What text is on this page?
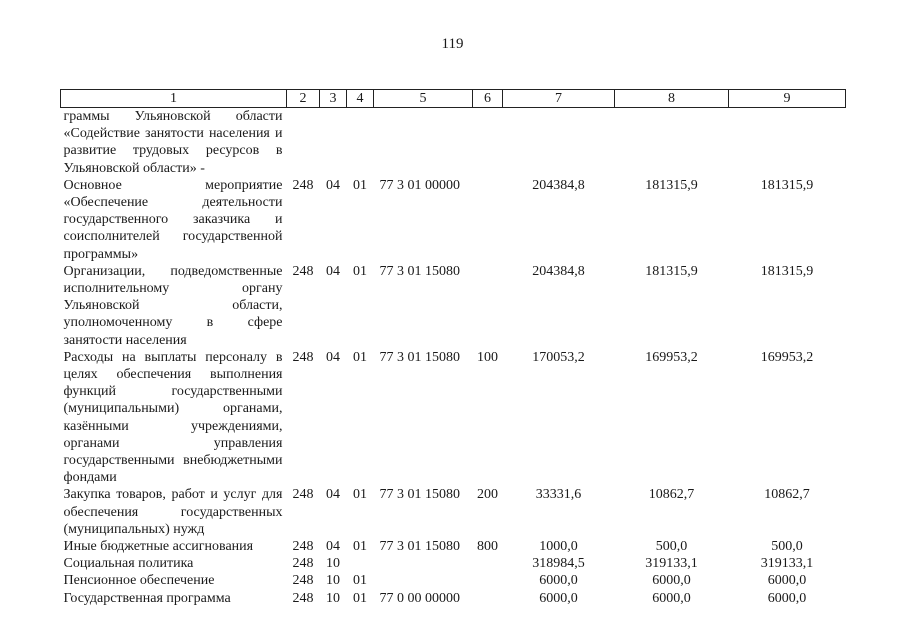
119
1	2	3	4	5	6	7	8	9
граммы Ульяновской области «Содействие занятости населения и развитие трудовых ресурсов в Ульяновской области» -								
Основное мероприятие «Обеспечение деятельности государственного заказчика и соисполнителей государственной программы»	248	04	01	77 3 01 00000		204384,8	181315,9	181315,9
Организации, подведомственные исполнительному органу Ульяновской области, уполномоченному в сфере занятости населения	248	04	01	77 3 01 15080		204384,8	181315,9	181315,9
Расходы на выплаты персоналу в целях обеспечения выполнения функций государственными (муниципальными) органами, казёнными учреждениями, органами управления государственными внебюджетными фондами	248	04	01	77 3 01 15080	100	170053,2	169953,2	169953,2
Закупка товаров, работ и услуг для обеспечения государственных (муниципальных) нужд	248	04	01	77 3 01 15080	200	33331,6	10862,7	10862,7
Иные бюджетные ассигнования	248	04	01	77 3 01 15080	800	1000,0	500,0	500,0
Социальная политика	248	10				318984,5	319133,1	319133,1
Пенсионное обеспечение	248	10	01			6000,0	6000,0	6000,0
Государственная программа	248	10	01	77 0 00 00000		6000,0	6000,0	6000,0
